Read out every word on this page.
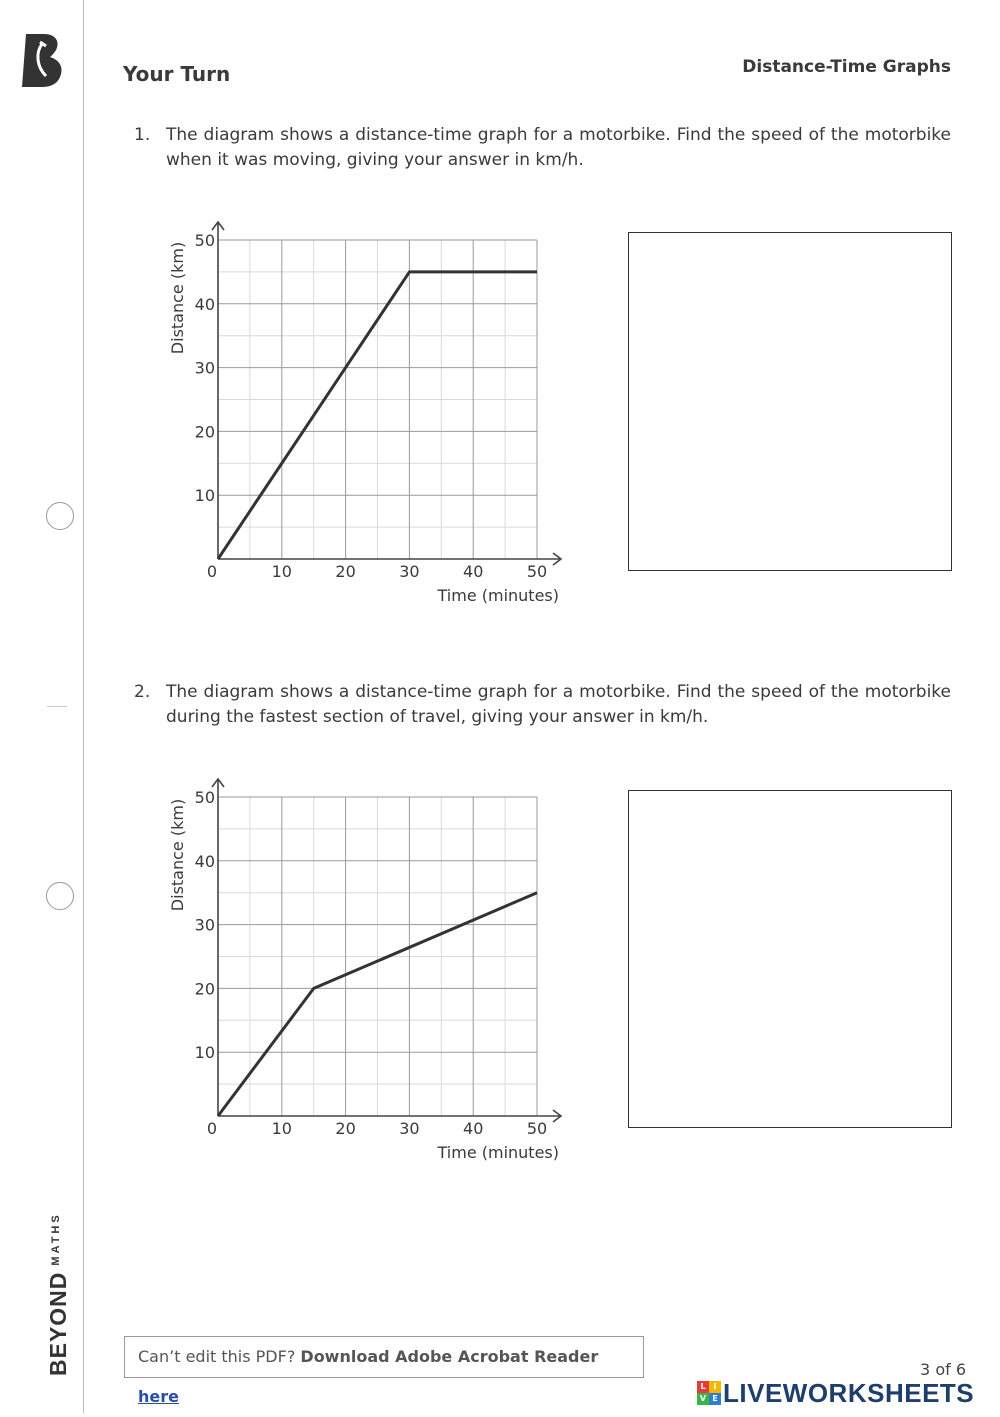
$BEYOND^{MATHS}$
Your Turn	Distance-Time Graphs
1. The diagram shows a distance-time graph for a motorbike. Find the speed of the motorbike when it was moving, giving your answer in km/h.
0	10	20	30	40	50
10
20
30
40
50
Time (minutes)
Distance (km)
2. The diagram shows a distance-time graph for a motorbike. Find the speed of the motorbike during the fastest section of travel, giving your answer in km/h.
0	10	20	30	40	50
10
20
30
40
50
Time (minutes)
Distance (km)
Can’t edit this PDF? Download Adobe Acrobat Reader here
3 of 6
L I
V E LIVEWORKSHEETS
